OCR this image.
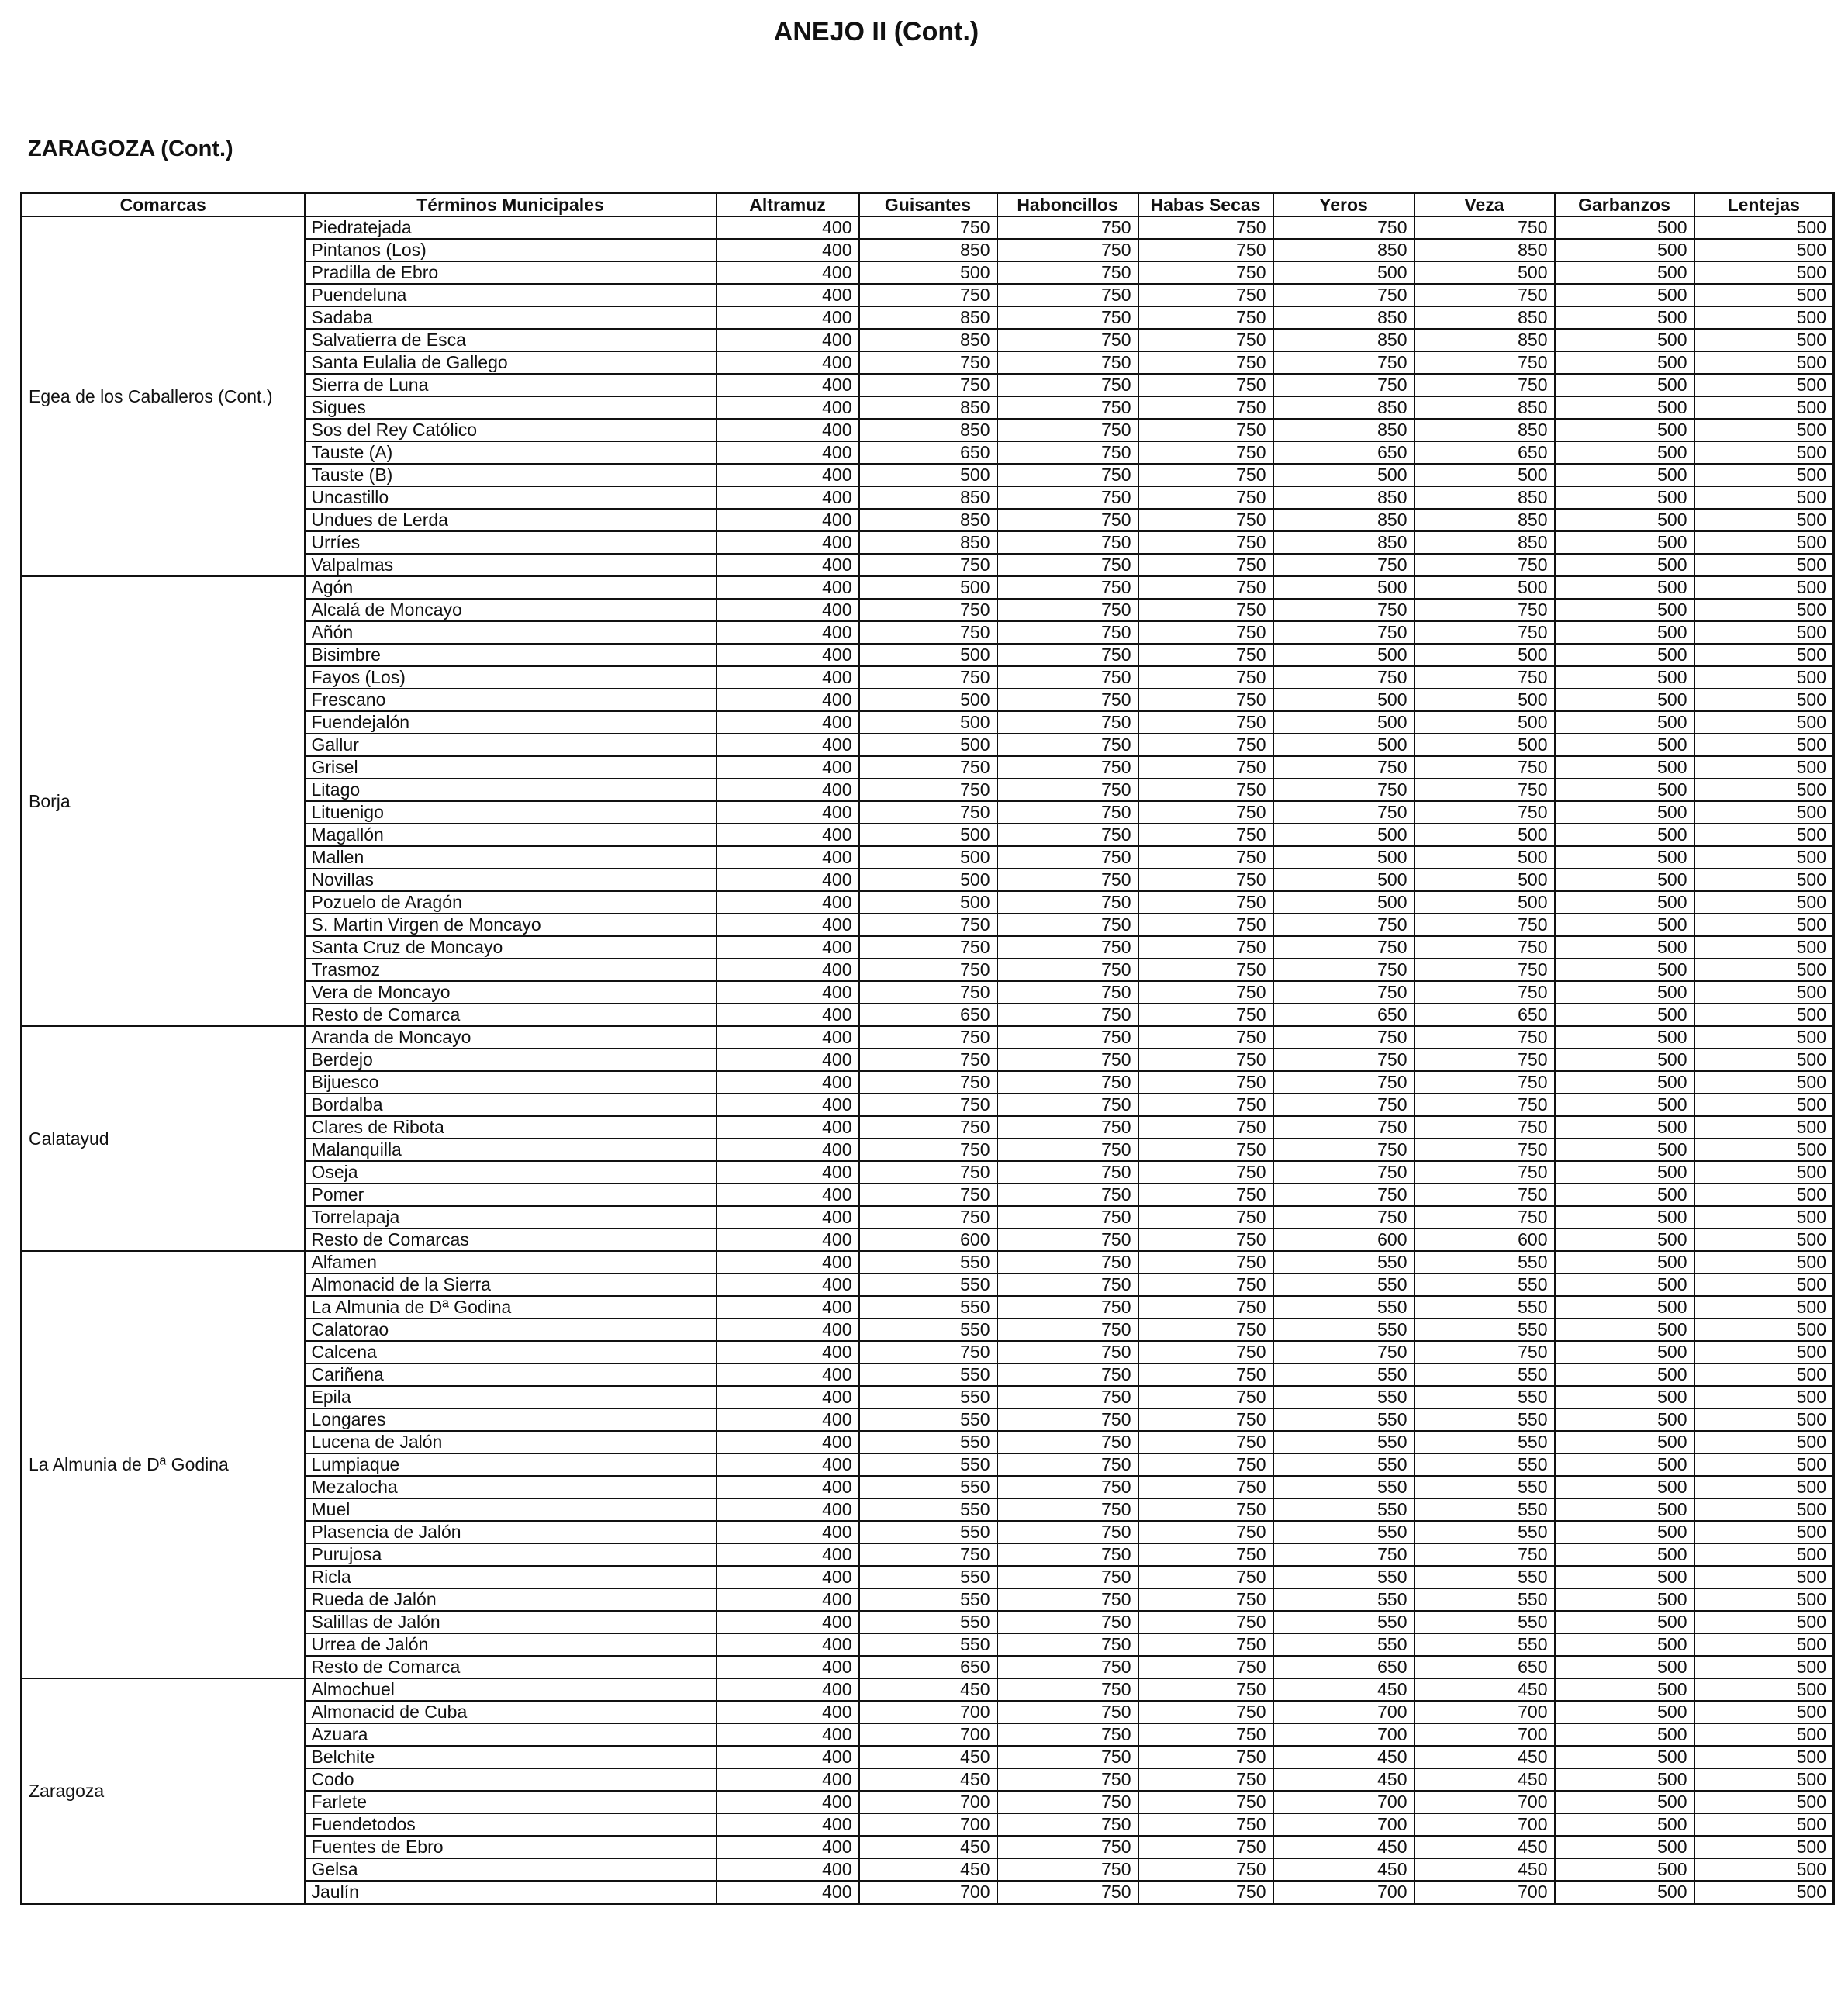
ANEJO II (Cont.)
ZARAGOZA (Cont.)
Comarcas	Términos Municipales	Altramuz	Guisantes	Haboncillos	Habas Secas	Yeros	Veza	Garbanzos	Lentejas
Egea de los Caballeros (Cont.)	Piedratejada	400	750	750	750	750	750	500	500
	Pintanos (Los)	400	850	750	750	850	850	500	500
	Pradilla de Ebro	400	500	750	750	500	500	500	500
	Puendeluna	400	750	750	750	750	750	500	500
	Sadaba	400	850	750	750	850	850	500	500
	Salvatierra de Esca	400	850	750	750	850	850	500	500
	Santa Eulalia de Gallego	400	750	750	750	750	750	500	500
	Sierra de Luna	400	750	750	750	750	750	500	500
	Sigues	400	850	750	750	850	850	500	500
	Sos del Rey Católico	400	850	750	750	850	850	500	500
	Tauste (A)	400	650	750	750	650	650	500	500
	Tauste (B)	400	500	750	750	500	500	500	500
	Uncastillo	400	850	750	750	850	850	500	500
	Undues de Lerda	400	850	750	750	850	850	500	500
	Urríes	400	850	750	750	850	850	500	500
	Valpalmas	400	750	750	750	750	750	500	500
Borja	Agón	400	500	750	750	500	500	500	500
	Alcalá de Moncayo	400	750	750	750	750	750	500	500
	Añón	400	750	750	750	750	750	500	500
	Bisimbre	400	500	750	750	500	500	500	500
	Fayos (Los)	400	750	750	750	750	750	500	500
	Frescano	400	500	750	750	500	500	500	500
	Fuendejalón	400	500	750	750	500	500	500	500
	Gallur	400	500	750	750	500	500	500	500
	Grisel	400	750	750	750	750	750	500	500
	Litago	400	750	750	750	750	750	500	500
	Lituenigo	400	750	750	750	750	750	500	500
	Magallón	400	500	750	750	500	500	500	500
	Mallen	400	500	750	750	500	500	500	500
	Novillas	400	500	750	750	500	500	500	500
	Pozuelo de Aragón	400	500	750	750	500	500	500	500
	S. Martin Virgen de Moncayo	400	750	750	750	750	750	500	500
	Santa Cruz de Moncayo	400	750	750	750	750	750	500	500
	Trasmoz	400	750	750	750	750	750	500	500
	Vera de Moncayo	400	750	750	750	750	750	500	500
	Resto de Comarca	400	650	750	750	650	650	500	500
Calatayud	Aranda de Moncayo	400	750	750	750	750	750	500	500
	Berdejo	400	750	750	750	750	750	500	500
	Bijuesco	400	750	750	750	750	750	500	500
	Bordalba	400	750	750	750	750	750	500	500
	Clares de Ribota	400	750	750	750	750	750	500	500
	Malanquilla	400	750	750	750	750	750	500	500
	Oseja	400	750	750	750	750	750	500	500
	Pomer	400	750	750	750	750	750	500	500
	Torrelapaja	400	750	750	750	750	750	500	500
	Resto de Comarcas	400	600	750	750	600	600	500	500
La Almunia de Dª Godina	Alfamen	400	550	750	750	550	550	500	500
	Almonacid de la Sierra	400	550	750	750	550	550	500	500
	La Almunia de Dª Godina	400	550	750	750	550	550	500	500
	Calatorao	400	550	750	750	550	550	500	500
	Calcena	400	750	750	750	750	750	500	500
	Cariñena	400	550	750	750	550	550	500	500
	Epila	400	550	750	750	550	550	500	500
	Longares	400	550	750	750	550	550	500	500
	Lucena de Jalón	400	550	750	750	550	550	500	500
	Lumpiaque	400	550	750	750	550	550	500	500
	Mezalocha	400	550	750	750	550	550	500	500
	Muel	400	550	750	750	550	550	500	500
	Plasencia de Jalón	400	550	750	750	550	550	500	500
	Purujosa	400	750	750	750	750	750	500	500
	Ricla	400	550	750	750	550	550	500	500
	Rueda de Jalón	400	550	750	750	550	550	500	500
	Salillas de Jalón	400	550	750	750	550	550	500	500
	Urrea de Jalón	400	550	750	750	550	550	500	500
	Resto de Comarca	400	650	750	750	650	650	500	500
Zaragoza	Almochuel	400	450	750	750	450	450	500	500
	Almonacid de Cuba	400	700	750	750	700	700	500	500
	Azuara	400	700	750	750	700	700	500	500
	Belchite	400	450	750	750	450	450	500	500
	Codo	400	450	750	750	450	450	500	500
	Farlete	400	700	750	750	700	700	500	500
	Fuendetodos	400	700	750	750	700	700	500	500
	Fuentes de Ebro	400	450	750	750	450	450	500	500
	Gelsa	400	450	750	750	450	450	500	500
	Jaulín	400	700	750	750	700	700	500	500
